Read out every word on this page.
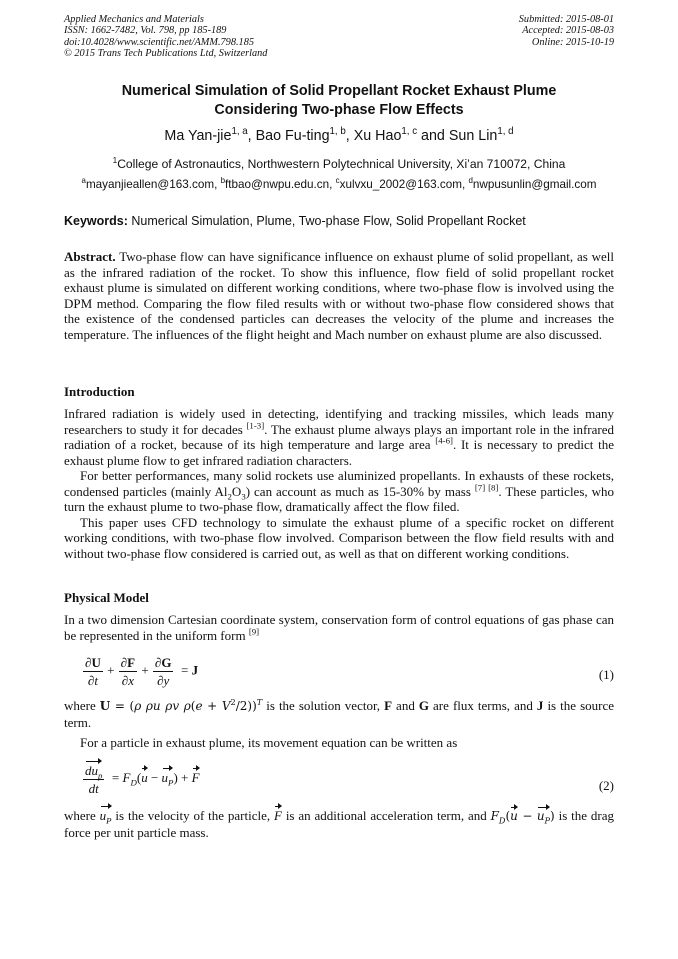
Applied Mechanics and Materials
ISSN: 1662-7482, Vol. 798, pp 185-189
doi:10.4028/www.scientific.net/AMM.798.185
© 2015 Trans Tech Publications Ltd, Switzerland
Submitted: 2015-08-01
Accepted: 2015-08-03
Online: 2015-10-19
Numerical Simulation of Solid Propellant Rocket Exhaust Plume
Considering Two-phase Flow Effects
Ma Yan-jie$^{1, a}$, Bao Fu-ting$^{1, b}$, Xu Hao$^{1, c}$ and Sun Lin$^{1, d}$
$^1$College of Astronautics, Northwestern Polytechnical University, Xi’an 710072, China
$^a$mayanjieallen@163.com, $^b$ftbao@nwpu.edu.cn, $^c$xulvxu_2002@163.com, $^d$nwpusunlin@gmail.com
Keywords: Numerical Simulation, Plume, Two-phase Flow, Solid Propellant Rocket
Abstract. Two-phase flow can have significance influence on exhaust plume of solid propellant, as well as the infrared radiation of the rocket. To show this influence, flow field of solid propellant rocket exhaust plume is simulated on different working conditions, where two-phase flow is involved using the DPM method. Comparing the flow filed results with or without two-phase flow considered shows that the existence of the condensed particles can decreases the velocity of the plume and increases the temperature. The influences of the flight height and Mach number on exhaust plume are also discussed.
Introduction
Infrared radiation is widely used in detecting, identifying and tracking missiles, which leads many researchers to study it for decades [1-3]. The exhaust plume always plays an important role in the infrared radiation of a rocket, because of its high temperature and large area [4-6]. It is necessary to predict the exhaust plume flow to get infrared radiation characters.
For better performances, many solid rockets use aluminized propellants. In exhausts of these rockets, condensed particles (mainly $Al_2O_3$) can account as much as 15-30% by mass [7] [8]. These particles, who turn the exhaust plume to two-phase flow, dramatically affect the flow filed.
This paper uses CFD technology to simulate the exhaust plume of a specific rocket on different working conditions, with two-phase flow involved. Comparison between the flow field results with and without two-phase flow considered is carried out, as well as that on different working conditions.
Physical Model
In a two dimension Cartesian coordinate system, conservation form of control equations of gas phase can be represented in the uniform form [9]
$\frac{\partial U}{\partial t} + \frac{\partial F}{\partial x} + \frac{\partial G}{\partial y} = J$	(1)
where U = (ρ ρu ρv $\rho(e + V^2/2))^T$ is the solution vector, F and G are flux terms, and J is the source term.
For a particle in exhaust plume, its movement equation can be written as
$\frac{du_p}{dt} = F_D(u - u_P) + F$
(2)
where $u_P$ is the velocity of the particle, F is an additional acceleration term, and $F_D(u - u_P)$ is the drag force per unit particle mass.
